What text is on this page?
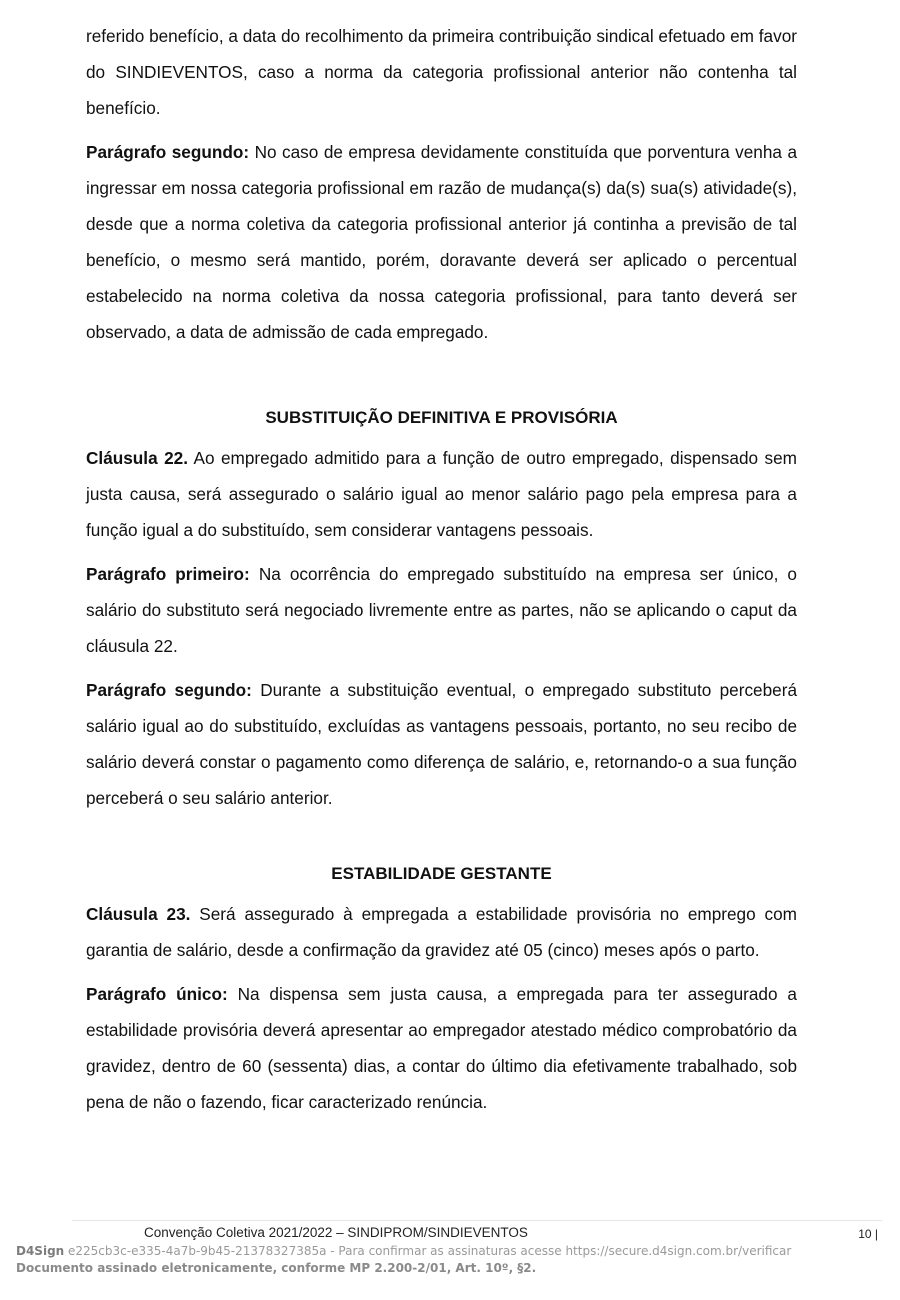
referido benefício, a data do recolhimento da primeira contribuição sindical efetuado em favor do SINDIEVENTOS, caso a norma da categoria profissional anterior não contenha tal benefício.

Parágrafo segundo: No caso de empresa devidamente constituída que porventura venha a ingressar em nossa categoria profissional em razão de mudança(s) da(s) sua(s) atividade(s), desde que a norma coletiva da categoria profissional anterior já continha a previsão de tal benefício, o mesmo será mantido, porém, doravante deverá ser aplicado o percentual estabelecido na norma coletiva da nossa categoria profissional, para tanto deverá ser observado, a data de admissão de cada empregado.

SUBSTITUIÇÃO DEFINITIVA E PROVISÓRIA

Cláusula 22. Ao empregado admitido para a função de outro empregado, dispensado sem justa causa, será assegurado o salário igual ao menor salário pago pela empresa para a função igual a do substituído, sem considerar vantagens pessoais.

Parágrafo primeiro: Na ocorrência do empregado substituído na empresa ser único, o salário do substituto será negociado livremente entre as partes, não se aplicando o caput da cláusula 22.

Parágrafo segundo: Durante a substituição eventual, o empregado substituto perceberá salário igual ao do substituído, excluídas as vantagens pessoais, portanto, no seu recibo de salário deverá constar o pagamento como diferença de salário, e, retornando-o a sua função perceberá o seu salário anterior.

ESTABILIDADE GESTANTE

Cláusula 23. Será assegurado à empregada a estabilidade provisória no emprego com garantia de salário, desde a confirmação da gravidez até 05 (cinco) meses após o parto.

Parágrafo único: Na dispensa sem justa causa, a empregada para ter assegurado a estabilidade provisória deverá apresentar ao empregador atestado médico comprobatório da gravidez, dentro de 60 (sessenta) dias, a contar do último dia efetivamente trabalhado, sob pena de não o fazendo, ficar caracterizado renúncia.

Convenção Coletiva 2021/2022 – SINDIPROM/SINDIEVENTOS	10 |
D4Sign e225cb3c-e335-4a7b-9b45-21378327385a - Para confirmar as assinaturas acesse https://secure.d4sign.com.br/verificar
Documento assinado eletronicamente, conforme MP 2.200-2/01, Art. 10º, §2.
